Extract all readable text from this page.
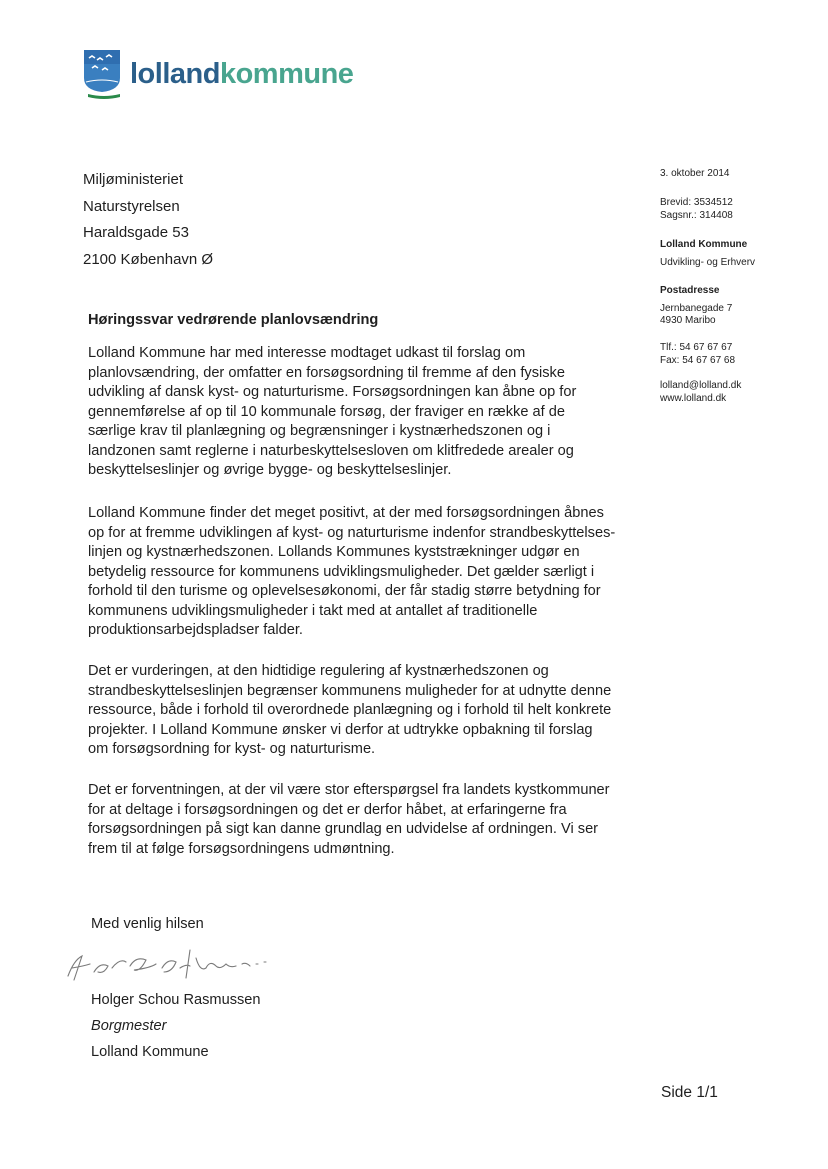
lollandkommune
Miljøministeriet
Naturstyrelsen
Haraldsgade 53
2100 København Ø
3. oktober 2014
Brevid: 3534512
Sagsnr.: 314408
Lolland Kommune
Udvikling- og Erhverv
Postadresse
Jernbanegade 7
4930 Maribo
Tlf.: 54 67 67 67
Fax: 54 67 67 68
lolland@lolland.dk
www.lolland.dk
Høringssvar vedrørende planlovsændring
Lolland Kommune har med interesse modtaget udkast til forslag om
planlovsændring, der omfatter en forsøgsordning til fremme af den fysiske
udvikling af dansk kyst- og naturturisme. Forsøgsordningen kan åbne op for
gennemførelse af op til 10 kommunale forsøg, der fraviger en række af de
særlige krav til planlægning og begrænsninger i kystnærhedszonen og i
landzonen samt reglerne i naturbeskyttelsesloven om klitfredede arealer og
beskyttelseslinjer og øvrige bygge- og beskyttelseslinjer.
Lolland Kommune finder det meget positivt, at der med forsøgsordningen åbnes
op for at fremme udviklingen af kyst- og naturturisme indenfor strandbeskyttelses-
linjen og kystnærhedszonen. Lollands Kommunes kyststrækninger udgør en
betydelig ressource for kommunens udviklingsmuligheder. Det gælder særligt i
forhold til den turisme og oplevelsesøkonomi, der får stadig større betydning for
kommunens udviklingsmuligheder i takt med at antallet af traditionelle
produktionsarbejdspladser falder.
Det er vurderingen, at den hidtidige regulering af kystnærhedszonen og
strandbeskyttelseslinjen begrænser kommunens muligheder for at udnytte denne
ressource, både i forhold til overordnede planlægning og i forhold til helt konkrete
projekter. I Lolland Kommune ønsker vi derfor at udtrykke opbakning til forslag
om forsøgsordning for kyst- og naturturisme.
Det er forventningen, at der vil være stor efterspørgsel fra landets kystkommuner
for at deltage i forsøgsordningen og det er derfor håbet, at erfaringerne fra
forsøgsordningen på sigt kan danne grundlag en udvidelse af ordningen. Vi ser
frem til at følge forsøgsordningens udmøntning.
Med venlig hilsen
Holger Schou Rasmussen
Borgmester
Lolland Kommune
Side 1/1
